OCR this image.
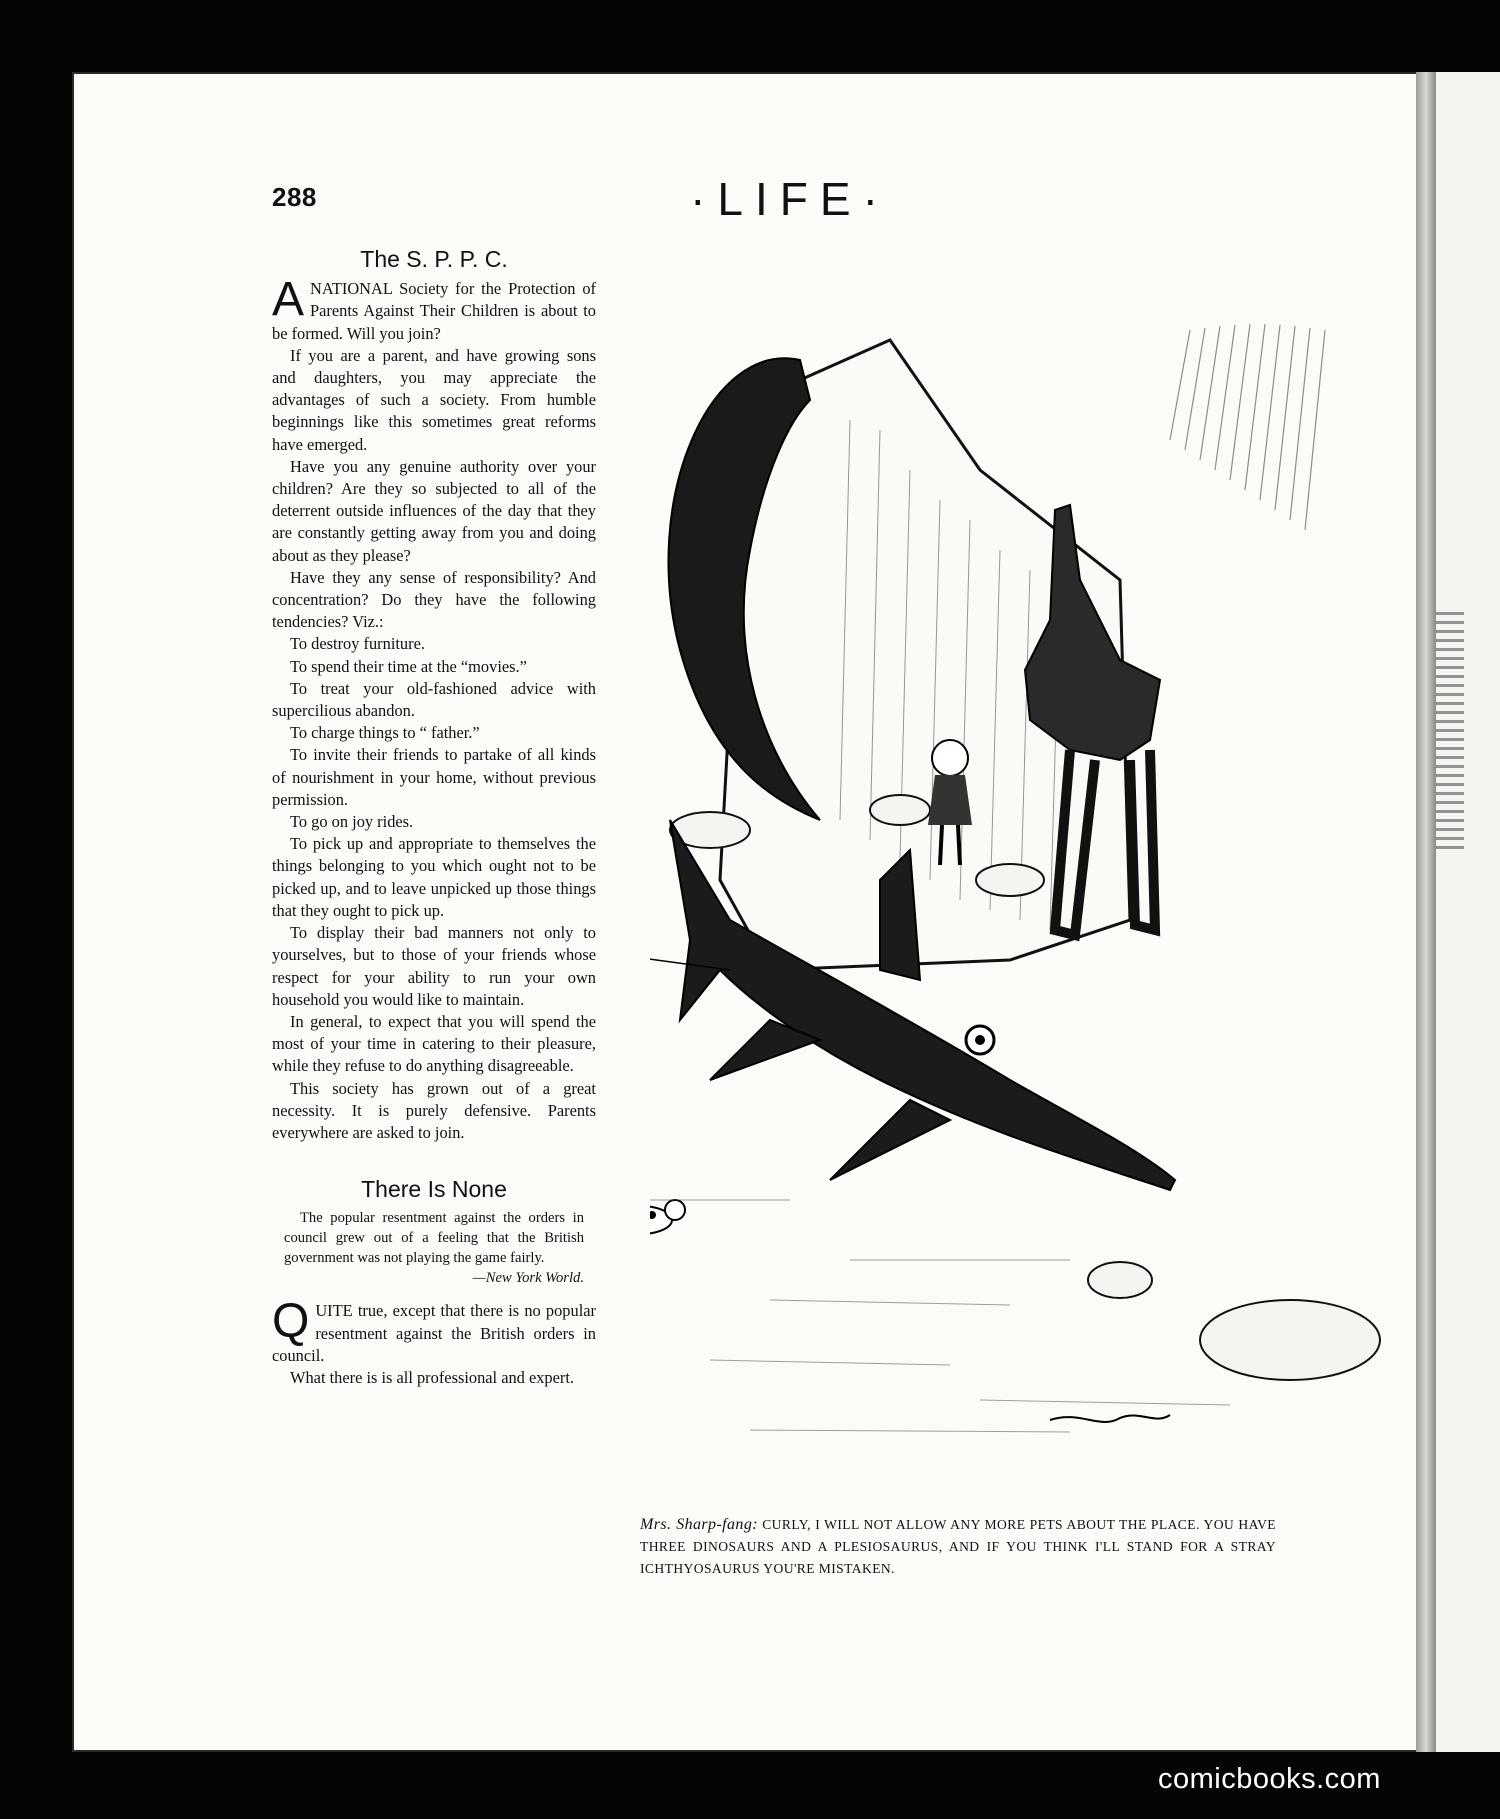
288	·LIFE·
The S. P. P. C.

ANATIONAL Society for the Protection of Parents Against Their Children is about to be formed. Will you join?

If you are a parent, and have growing sons and daughters, you may appreciate the advantages of such a society. From humble beginnings like this sometimes great reforms have emerged.

Have you any genuine authority over your children? Are they so subjected to all of the deterrent outside influences of the day that they are constantly getting away from you and doing about as they please?

Have they any sense of responsibility? And concentration? Do they have the following tendencies? Viz.:

To destroy furniture.

To spend their time at the “movies.”

To treat your old-fashioned advice with supercilious abandon.

To charge things to “ father.”

To invite their friends to partake of all kinds of nourishment in your home, without previous permission.

To go on joy rides.

To pick up and appropriate to themselves the things belonging to you which ought not to be picked up, and to leave unpicked up those things that they ought to pick up.

To display their bad manners not only to yourselves, but to those of your friends whose respect for your ability to run your own household you would like to maintain.

In general, to expect that you will spend the most of your time in catering to their pleasure, while they refuse to do anything disagreeable.

This society has grown out of a great necessity. It is purely defensive. Parents everywhere are asked to join.

There Is None
The popular resentment against the orders in council grew out of a feeling that the British government was not playing the game fairly.
—New York World.

QUITE true, except that there is no popular resentment against the British orders in council.

What there is is all professional and expert.

Mrs. Sharp-fang: CURLY, I WILL NOT ALLOW ANY MORE PETS ABOUT THE PLACE. YOU HAVE THREE DINOSAURS AND A PLESIOSAURUS, AND IF YOU THINK I'LL STAND FOR A STRAY ICHTHYOSAURUS YOU'RE MISTAKEN.
comicbooks.com
